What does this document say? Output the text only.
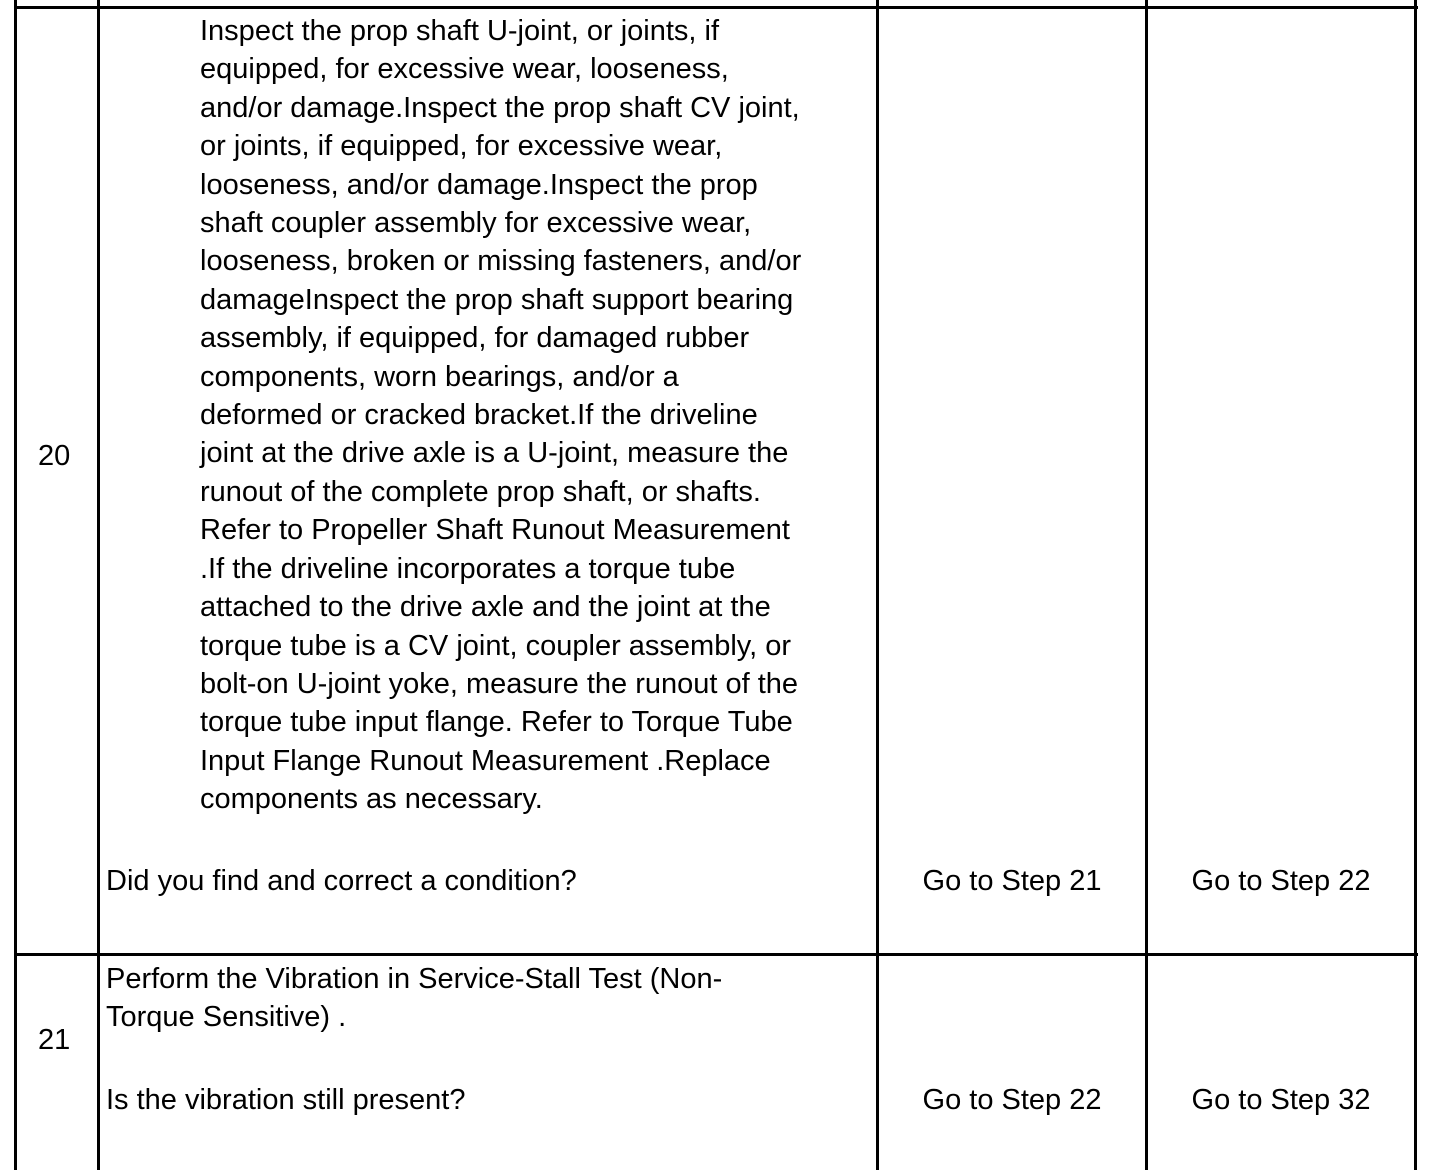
20
Inspect the prop shaft U-joint, or joints, if
equipped, for excessive wear, looseness,
and/or damage.Inspect the prop shaft CV joint,
or joints, if equipped, for excessive wear,
looseness, and/or damage.Inspect the prop
shaft coupler assembly for excessive wear,
looseness, broken or missing fasteners, and/or
damageInspect the prop shaft support bearing
assembly, if equipped, for damaged rubber
components, worn bearings, and/or a
deformed or cracked bracket.If the driveline
joint at the drive axle is a U-joint, measure the
runout of the complete prop shaft, or shafts.
Refer to Propeller Shaft Runout Measurement
.If the driveline incorporates a torque tube
attached to the drive axle and the joint at the
torque tube is a CV joint, coupler assembly, or
bolt-on U-joint yoke, measure the runout of the
torque tube input flange. Refer to Torque Tube
Input Flange Runout Measurement .Replace
components as necessary.
Did you find and correct a condition?	Go to Step 21	Go to Step 22
21
Perform the Vibration in Service-Stall Test (Non-
Torque Sensitive) .
Is the vibration still present?	Go to Step 22	Go to Step 32
